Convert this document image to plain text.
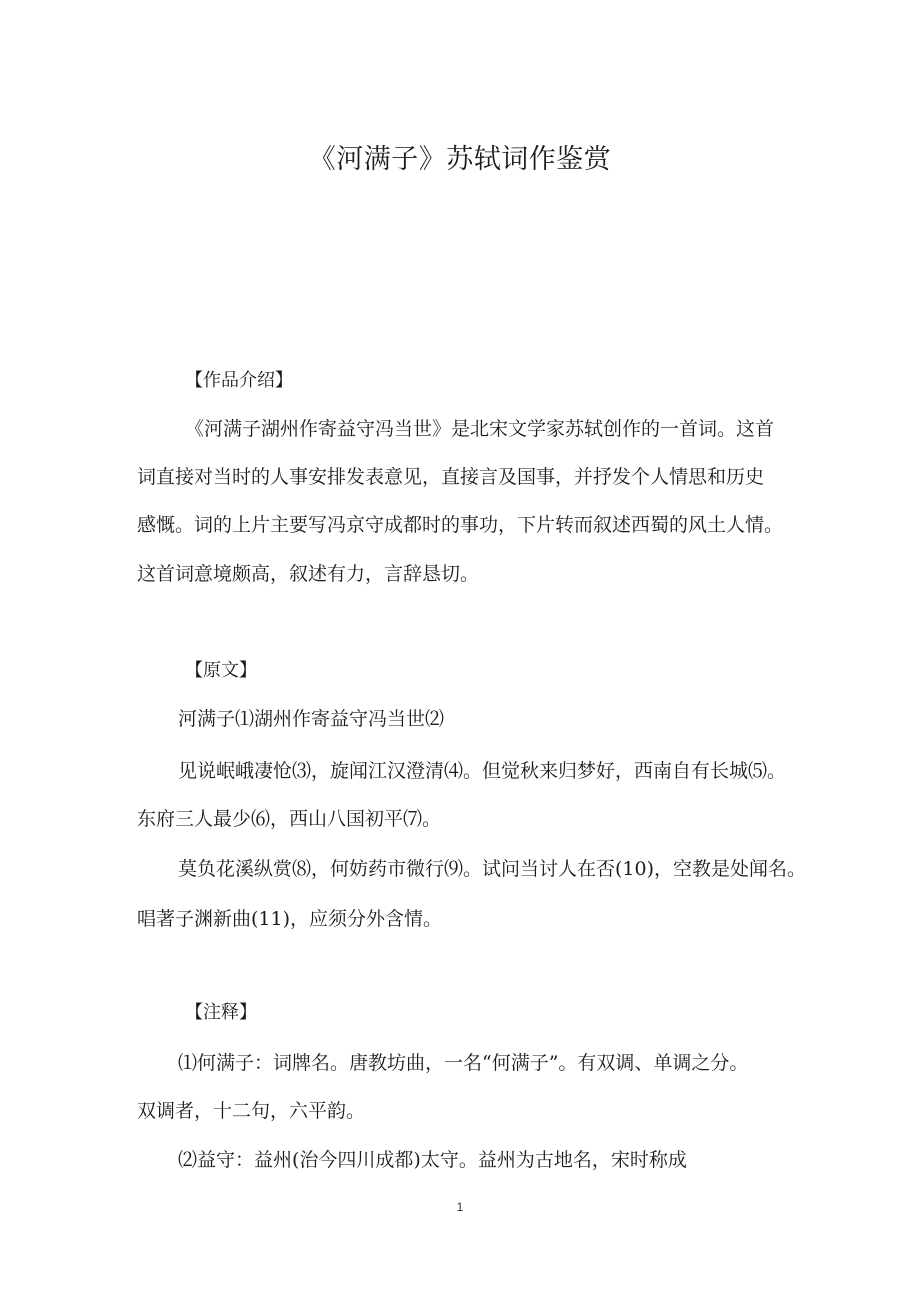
《河满子》苏轼词作鉴赏
【作品介绍】
《河满子湖州作寄益守冯当世》是北宋文学家苏轼创作的一首词。这首
词直接对当时的人事安排发表意见，直接言及国事，并抒发个人情思和历史
感慨。词的上片主要写冯京守成都时的事功，下片转而叙述西蜀的风土人情。
这首词意境颇高，叙述有力，言辞恳切。
【原文】
河满子⑴湖州作寄益守冯当世⑵
见说岷峨凄怆⑶，旋闻江汉澄清⑷。但觉秋来归梦好，西南自有长城⑸。
东府三人最少⑹，西山八国初平⑺。
莫负花溪纵赏⑻，何妨药市微行⑼。试问当讨人在否(10)，空教是处闻名。
唱著子渊新曲(11)，应须分外含情。
【注释】
⑴何满子：词牌名。唐教坊曲，一名“何满子”。有双调、单调之分。
双调者，十二句，六平韵。
⑵益守：益州(治今四川成都)太守。益州为古地名，宋时称成
1
